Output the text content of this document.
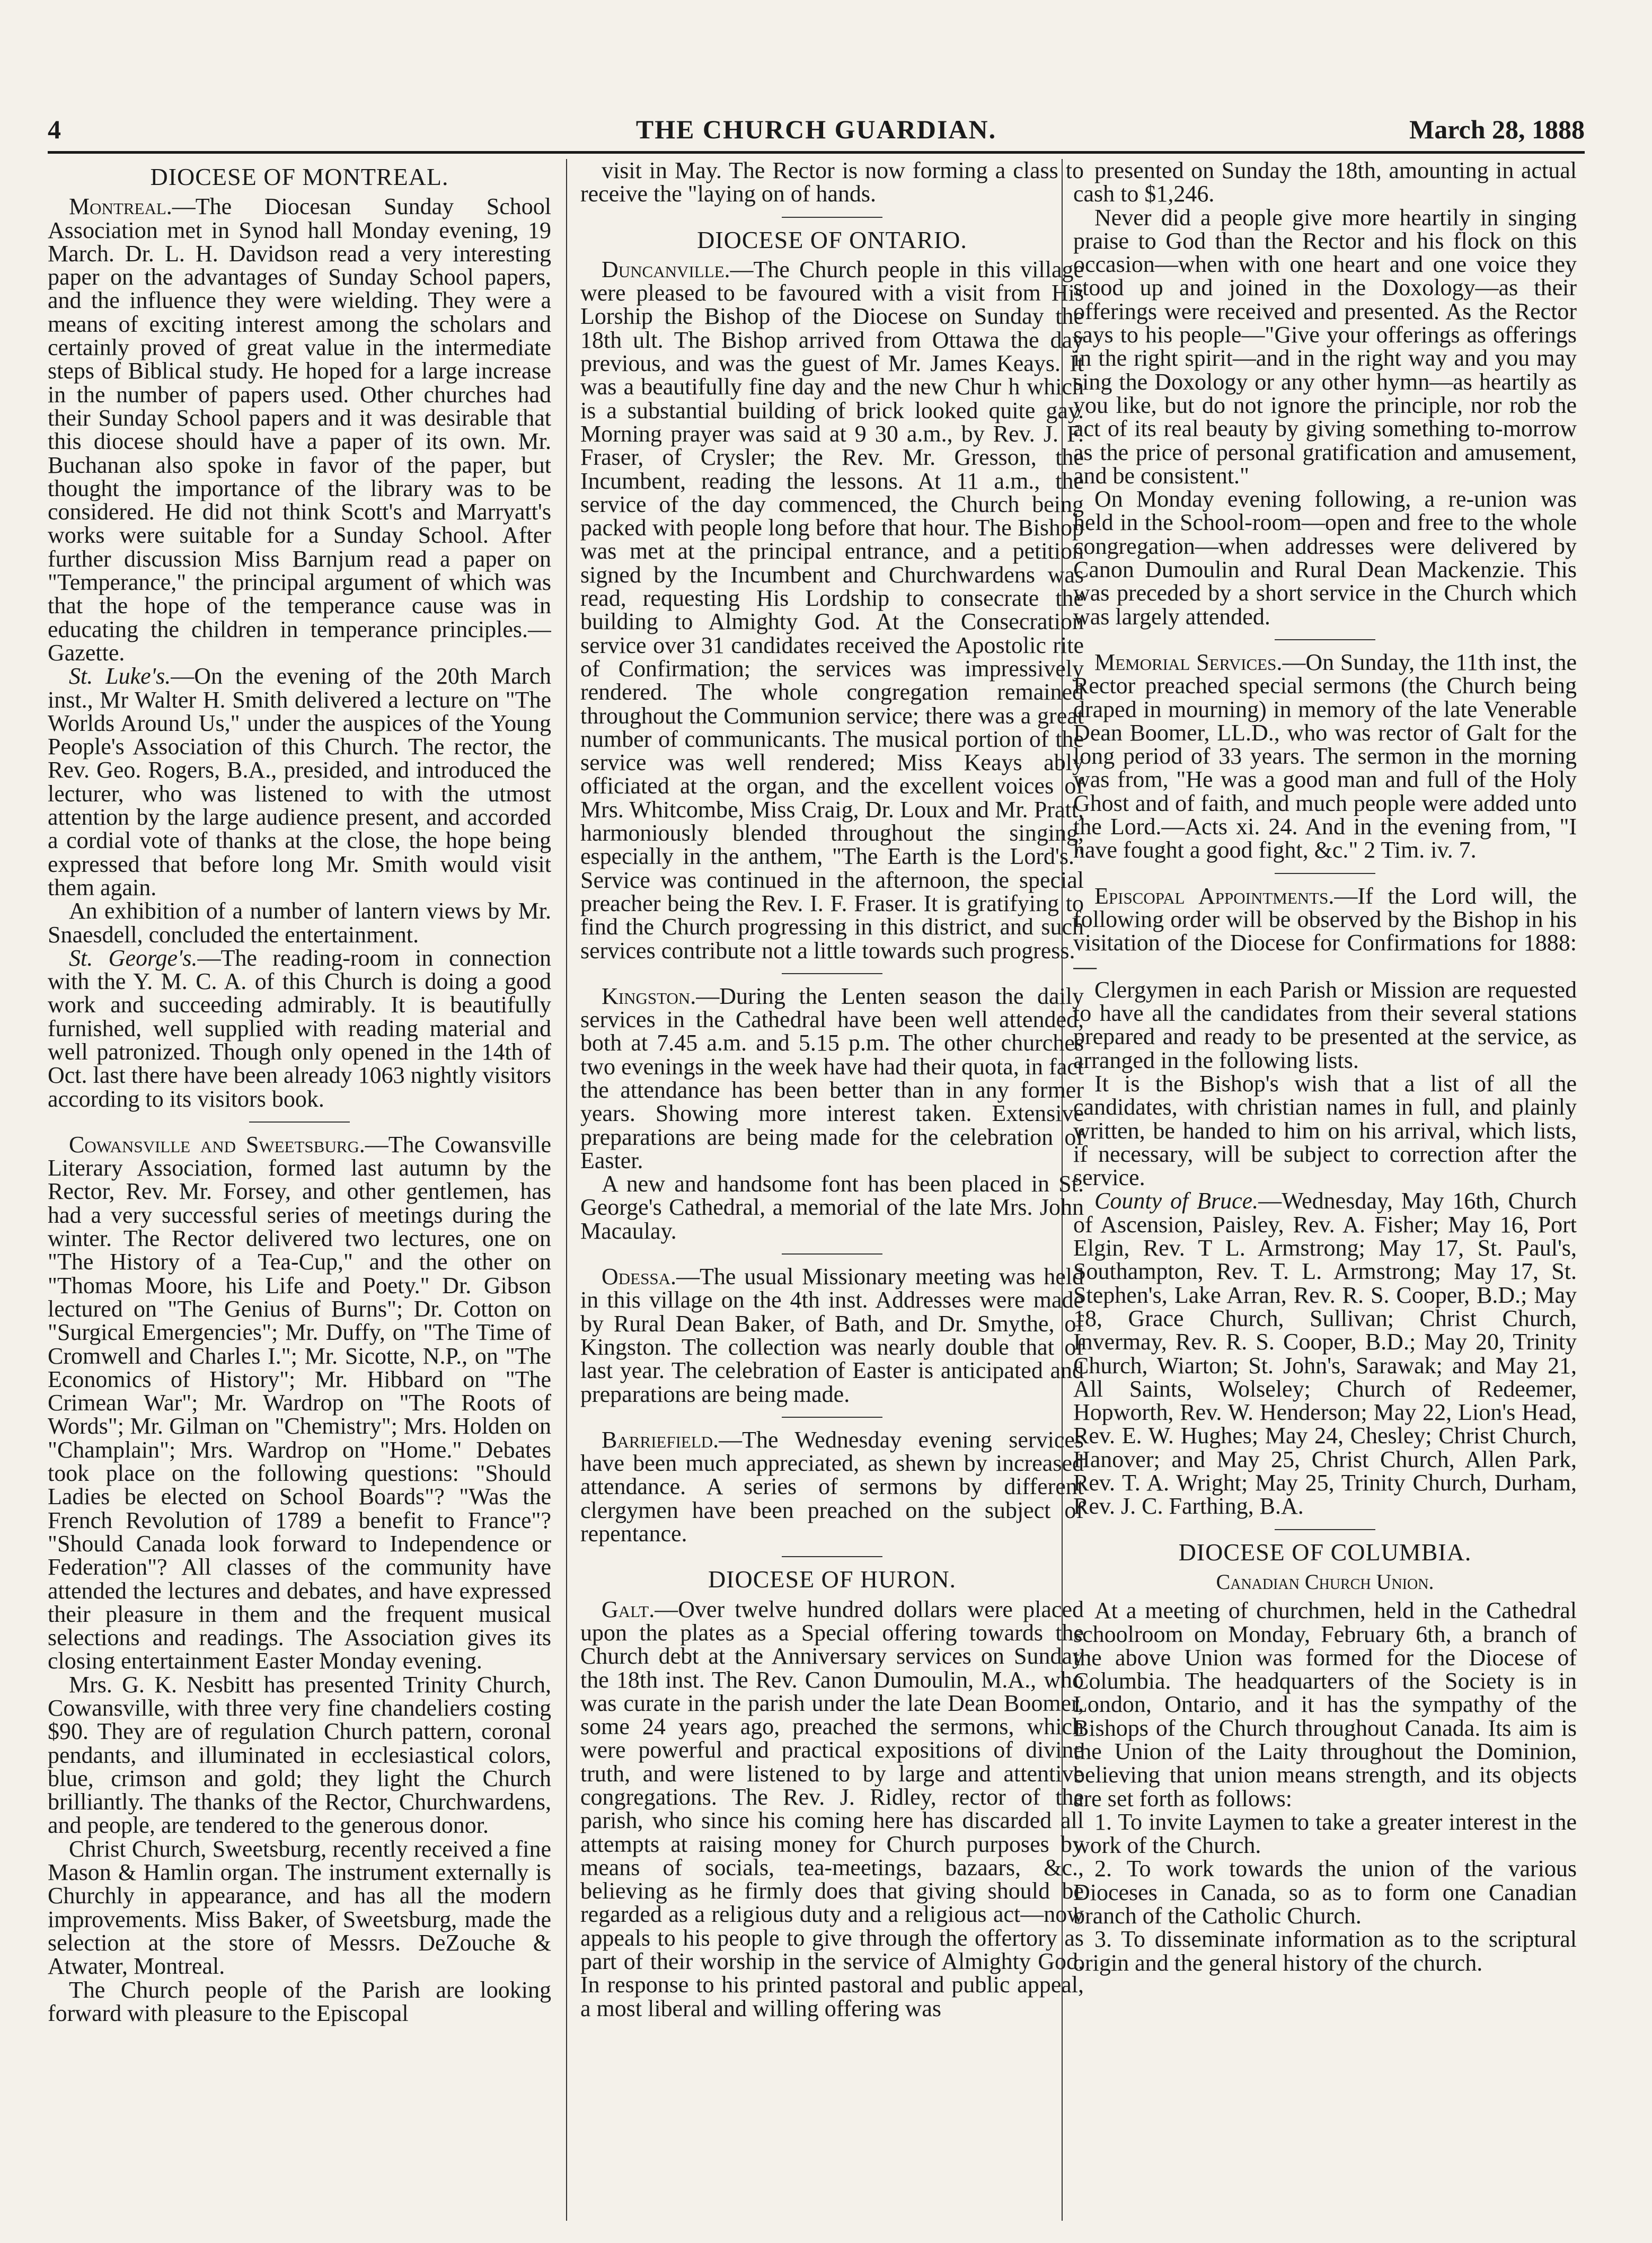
4	THE CHURCH GUARDIAN.	March 28, 1888
DIOCESE OF MONTREAL.

Montreal.—The Diocesan Sunday School Association met in Synod hall Monday evening, 19 March. Dr. L. H. Davidson read a very interesting paper on the advantages of Sunday School papers, and the influence they were wielding. They were a means of exciting interest among the scholars and certainly proved of great value in the intermediate steps of Biblical study. He hoped for a large increase in the number of papers used. Other churches had their Sunday School papers and it was desirable that this diocese should have a paper of its own. Mr. Buchanan also spoke in favor of the paper, but thought the importance of the library was to be considered. He did not think Scott's and Marryatt's works were suitable for a Sunday School. After further discussion Miss Barnjum read a paper on "Temperance," the principal argument of which was that the hope of the temperance cause was in educating the children in temperance principles.—Gazette.

St. Luke's.—On the evening of the 20th March inst., Mr Walter H. Smith delivered a lecture on "The Worlds Around Us," under the auspices of the Young People's Association of this Church. The rector, the Rev. Geo. Rogers, B.A., presided, and introduced the lecturer, who was listened to with the utmost attention by the large audience present, and accorded a cordial vote of thanks at the close, the hope being expressed that before long Mr. Smith would visit them again.

An exhibition of a number of lantern views by Mr. Snaesdell, concluded the entertainment.

St. George's.—The reading-room in connection with the Y. M. C. A. of this Church is doing a good work and succeeding admirably. It is beautifully furnished, well supplied with reading material and well patronized. Though only opened in the 14th of Oct. last there have been already 1063 nightly visitors according to its visitors book.

Cowansville and Sweetsburg.—The Cowansville Literary Association, formed last autumn by the Rector, Rev. Mr. Forsey, and other gentlemen, has had a very successful series of meetings during the winter. The Rector delivered two lectures, one on "The History of a Tea-Cup," and the other on "Thomas Moore, his Life and Poety." Dr. Gibson lectured on "The Genius of Burns"; Dr. Cotton on "Surgical Emergencies"; Mr. Duffy, on "The Time of Cromwell and Charles I."; Mr. Sicotte, N.P., on "The Economics of History"; Mr. Hibbard on "The Crimean War"; Mr. Wardrop on "The Roots of Words"; Mr. Gilman on "Chemistry"; Mrs. Holden on "Champlain"; Mrs. Wardrop on "Home." Debates took place on the following questions: "Should Ladies be elected on School Boards"? "Was the French Revolution of 1789 a benefit to France"? "Should Canada look forward to Independence or Federation"? All classes of the community have attended the lectures and debates, and have expressed their pleasure in them and the frequent musical selections and readings. The Association gives its closing entertainment Easter Monday evening.

Mrs. G. K. Nesbitt has presented Trinity Church, Cowansville, with three very fine chandeliers costing $90. They are of regulation Church pattern, coronal pendants, and illuminated in ecclesiastical colors, blue, crimson and gold; they light the Church brilliantly. The thanks of the Rector, Churchwardens, and people, are tendered to the generous donor.

Christ Church, Sweetsburg, recently received a fine Mason & Hamlin organ. The instrument externally is Churchly in appearance, and has all the modern improvements. Miss Baker, of Sweetsburg, made the selection at the store of Messrs. DeZouche & Atwater, Montreal.

The Church people of the Parish are looking forward with pleasure to the Episcopal

visit in May. The Rector is now forming a class to receive the "laying on of hands.

DIOCESE OF ONTARIO.

Duncanville.—The Church people in this village were pleased to be favoured with a visit from His Lorship the Bishop of the Diocese on Sunday the 18th ult. The Bishop arrived from Ottawa the day previous, and was the guest of Mr. James Keays. It was a beautifully fine day and the new Chur h which is a substantial building of brick looked quite gay. Morning prayer was said at 9 30 a.m., by Rev. J. F. Fraser, of Crysler; the Rev. Mr. Gresson, the Incumbent, reading the lessons. At 11 a.m., the service of the day commenced, the Church being packed with people long before that hour. The Bishop was met at the principal entrance, and a petition signed by the Incumbent and Churchwardens was read, requesting His Lordship to consecrate the building to Almighty God. At the Consecration service over 31 candidates received the Apostolic rite of Confirmation; the services was impressively rendered. The whole congregation remained throughout the Communion service; there was a great number of communicants. The musical portion of the service was well rendered; Miss Keays ably officiated at the organ, and the excellent voices of Mrs. Whitcombe, Miss Craig, Dr. Loux and Mr. Pratt, harmoniously blended throughout the singing, especially in the anthem, "The Earth is the Lord's." Service was continued in the afternoon, the special preacher being the Rev. I. F. Fraser. It is gratifying to find the Church progressing in this district, and such services contribute not a little towards such progress.

Kingston.—During the Lenten season the daily services in the Cathedral have been well attended, both at 7.45 a.m. and 5.15 p.m. The other churches two evenings in the week have had their quota, in fact the attendance has been better than in any former years. Showing more interest taken. Extensive preparations are being made for the celebration of Easter.

A new and handsome font has been placed in St. George's Cathedral, a memorial of the late Mrs. John Macaulay.

Odessa.—The usual Missionary meeting was held in this village on the 4th inst. Addresses were made by Rural Dean Baker, of Bath, and Dr. Smythe, of Kingston. The collection was nearly double that of last year. The celebration of Easter is anticipated and preparations are being made.

Barriefield.—The Wednesday evening services have been much appreciated, as shewn by increased attendance. A series of sermons by different clergymen have been preached on the subject of repentance.

DIOCESE OF HURON.

Galt.—Over twelve hundred dollars were placed upon the plates as a Special offering towards the Church debt at the Anniversary services on Sunday the 18th inst. The Rev. Canon Dumoulin, M.A., who was curate in the parish under the late Dean Boomer, some 24 years ago, preached the sermons, which were powerful and practical expositions of divine truth, and were listened to by large and attentive congregations. The Rev. J. Ridley, rector of the parish, who since his coming here has discarded all attempts at raising money for Church purposes by means of socials, tea-meetings, bazaars, &c., believing as he firmly does that giving should be regarded as a religious duty and a religious act—now appeals to his people to give through the offertory as part of their worship in the service of Almighty God. In response to his printed pastoral and public appeal, a most liberal and willing offering was

presented on Sunday the 18th, amounting in actual cash to $1,246.

Never did a people give more heartily in singing praise to God than the Rector and his flock on this occasion—when with one heart and one voice they stood up and joined in the Doxology—as their offerings were received and presented. As the Rector says to his people—"Give your offerings as offerings in the right spirit—and in the right way and you may sing the Doxology or any other hymn—as heartily as you like, but do not ignore the principle, nor rob the act of its real beauty by giving something to-morrow as the price of personal gratification and amusement, and be consistent."

On Monday evening following, a re-union was held in the School-room—open and free to the whole congregation—when addresses were delivered by Canon Dumoulin and Rural Dean Mackenzie. This was preceded by a short service in the Church which was largely attended.

Memorial Services.—On Sunday, the 11th inst, the Rector preached special sermons (the Church being draped in mourning) in memory of the late Venerable Dean Boomer, LL.D., who was rector of Galt for the long period of 33 years. The sermon in the morning was from, "He was a good man and full of the Holy Ghost and of faith, and much people were added unto the Lord.—Acts xi. 24. And in the evening from, "I have fought a good fight, &c." 2 Tim. iv. 7.

Episcopal Appointments.—If the Lord will, the following order will be observed by the Bishop in his visitation of the Diocese for Confirmations for 1888:—

Clergymen in each Parish or Mission are requested to have all the candidates from their several stations prepared and ready to be presented at the service, as arranged in the following lists.

It is the Bishop's wish that a list of all the candidates, with christian names in full, and plainly written, be handed to him on his arrival, which lists, if necessary, will be subject to correction after the service.

County of Bruce.—Wednesday, May 16th, Church of Ascension, Paisley, Rev. A. Fisher; May 16, Port Elgin, Rev. T L. Armstrong; May 17, St. Paul's, Southampton, Rev. T. L. Armstrong; May 17, St. Stephen's, Lake Arran, Rev. R. S. Cooper, B.D.; May 18, Grace Church, Sullivan; Christ Church, Invermay, Rev. R. S. Cooper, B.D.; May 20, Trinity Church, Wiarton; St. John's, Sarawak; and May 21, All Saints, Wolseley; Church of Redeemer, Hopworth, Rev. W. Henderson; May 22, Lion's Head, Rev. E. W. Hughes; May 24, Chesley; Christ Church, Hanover; and May 25, Christ Church, Allen Park, Rev. T. A. Wright; May 25, Trinity Church, Durham, Rev. J. C. Farthing, B.A.

DIOCESE OF COLUMBIA.
Canadian Church Union.

At a meeting of churchmen, held in the Cathedral schoolroom on Monday, February 6th, a branch of the above Union was formed for the Diocese of Columbia. The headquarters of the Society is in London, Ontario, and it has the sympathy of the Bishops of the Church throughout Canada. Its aim is the Union of the Laity throughout the Dominion, believing that union means strength, and its objects are set forth as follows:

1. To invite Laymen to take a greater interest in the work of the Church.

2. To work towards the union of the various Dioceses in Canada, so as to form one Canadian branch of the Catholic Church.

3. To disseminate information as to the scriptural origin and the general history of the church.
